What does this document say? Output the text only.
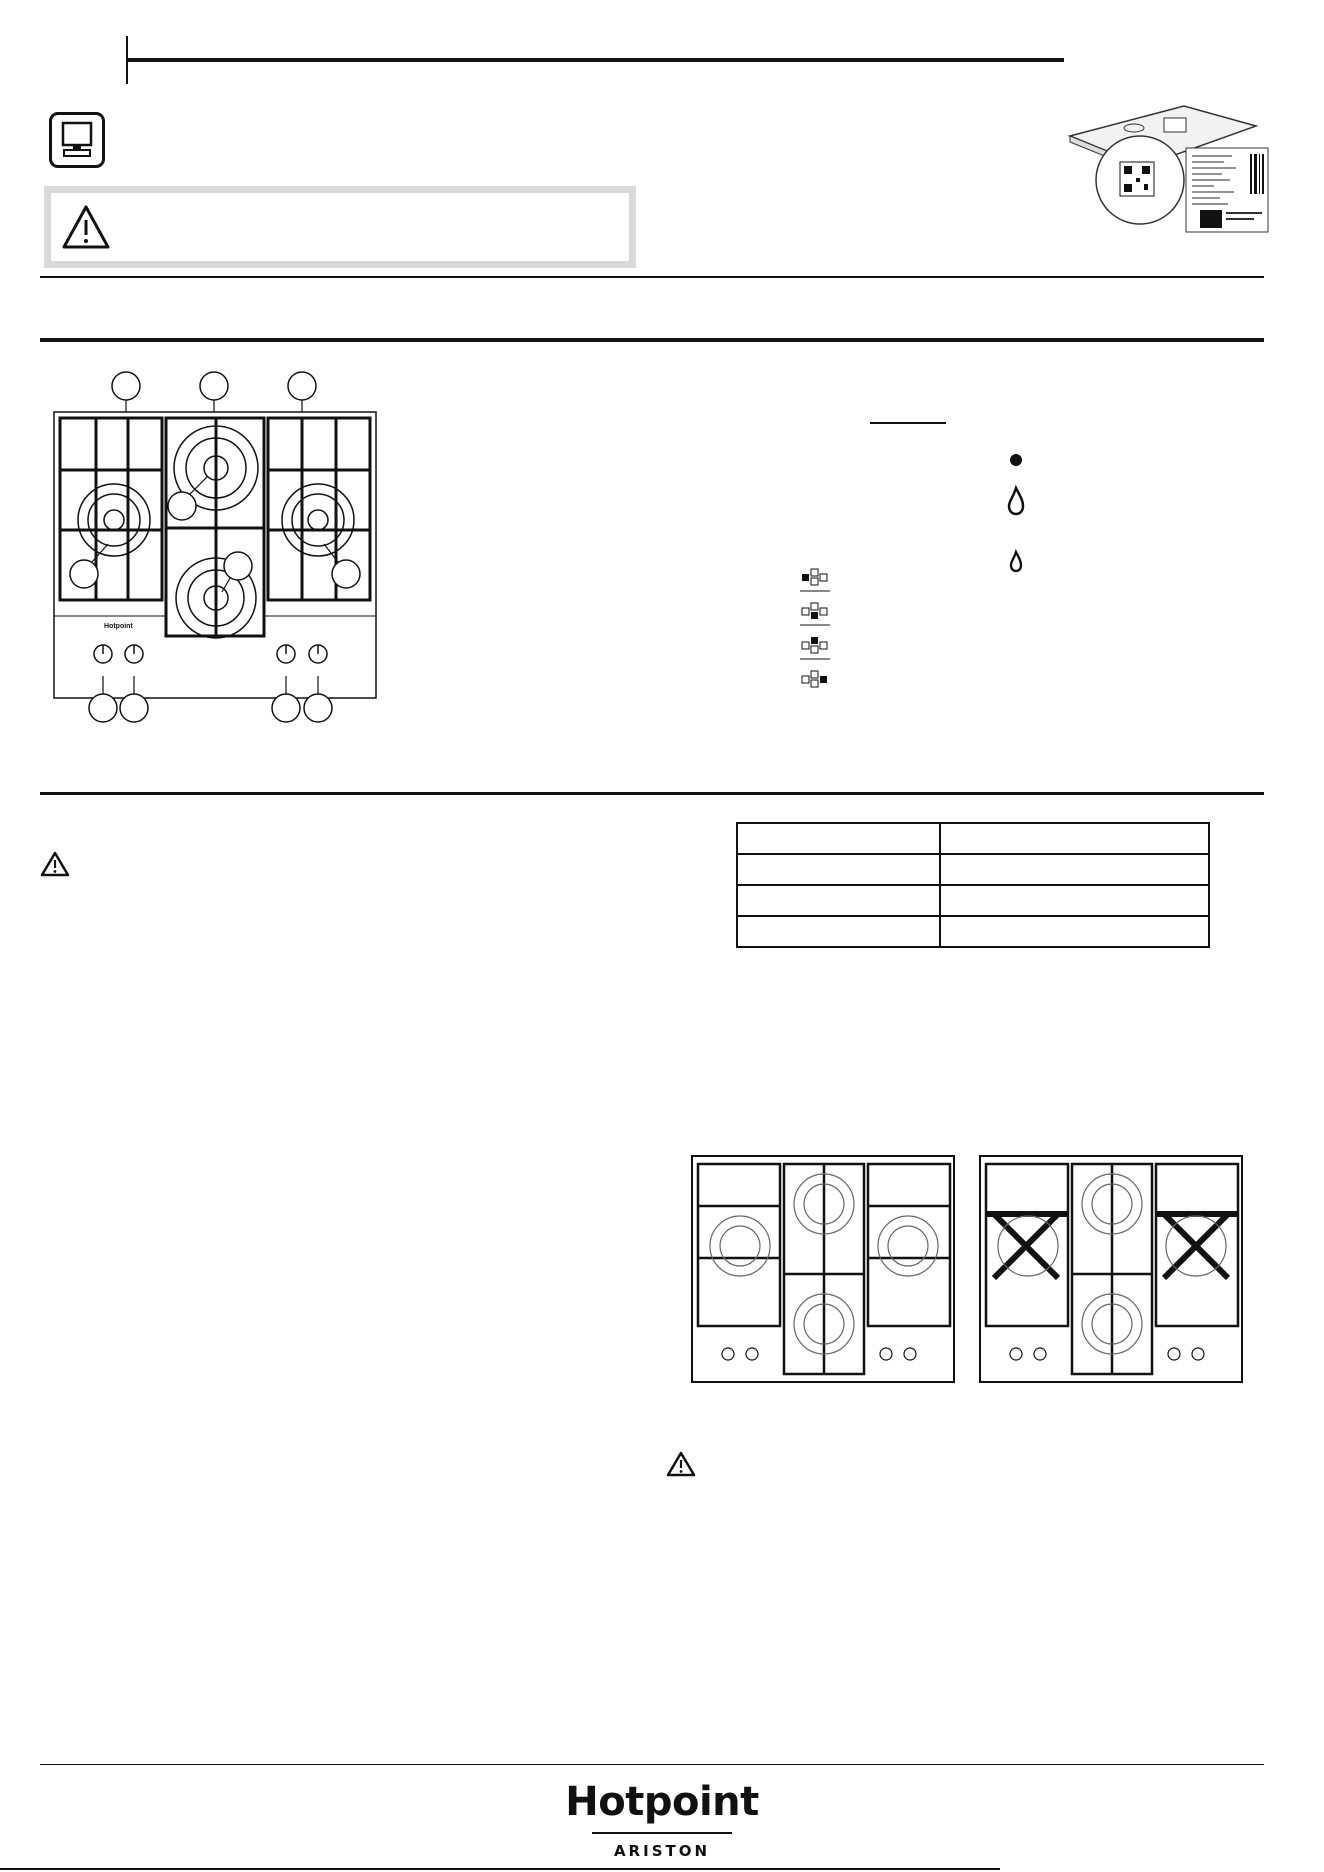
Hotpoint

Hotpoint
ARISTON
